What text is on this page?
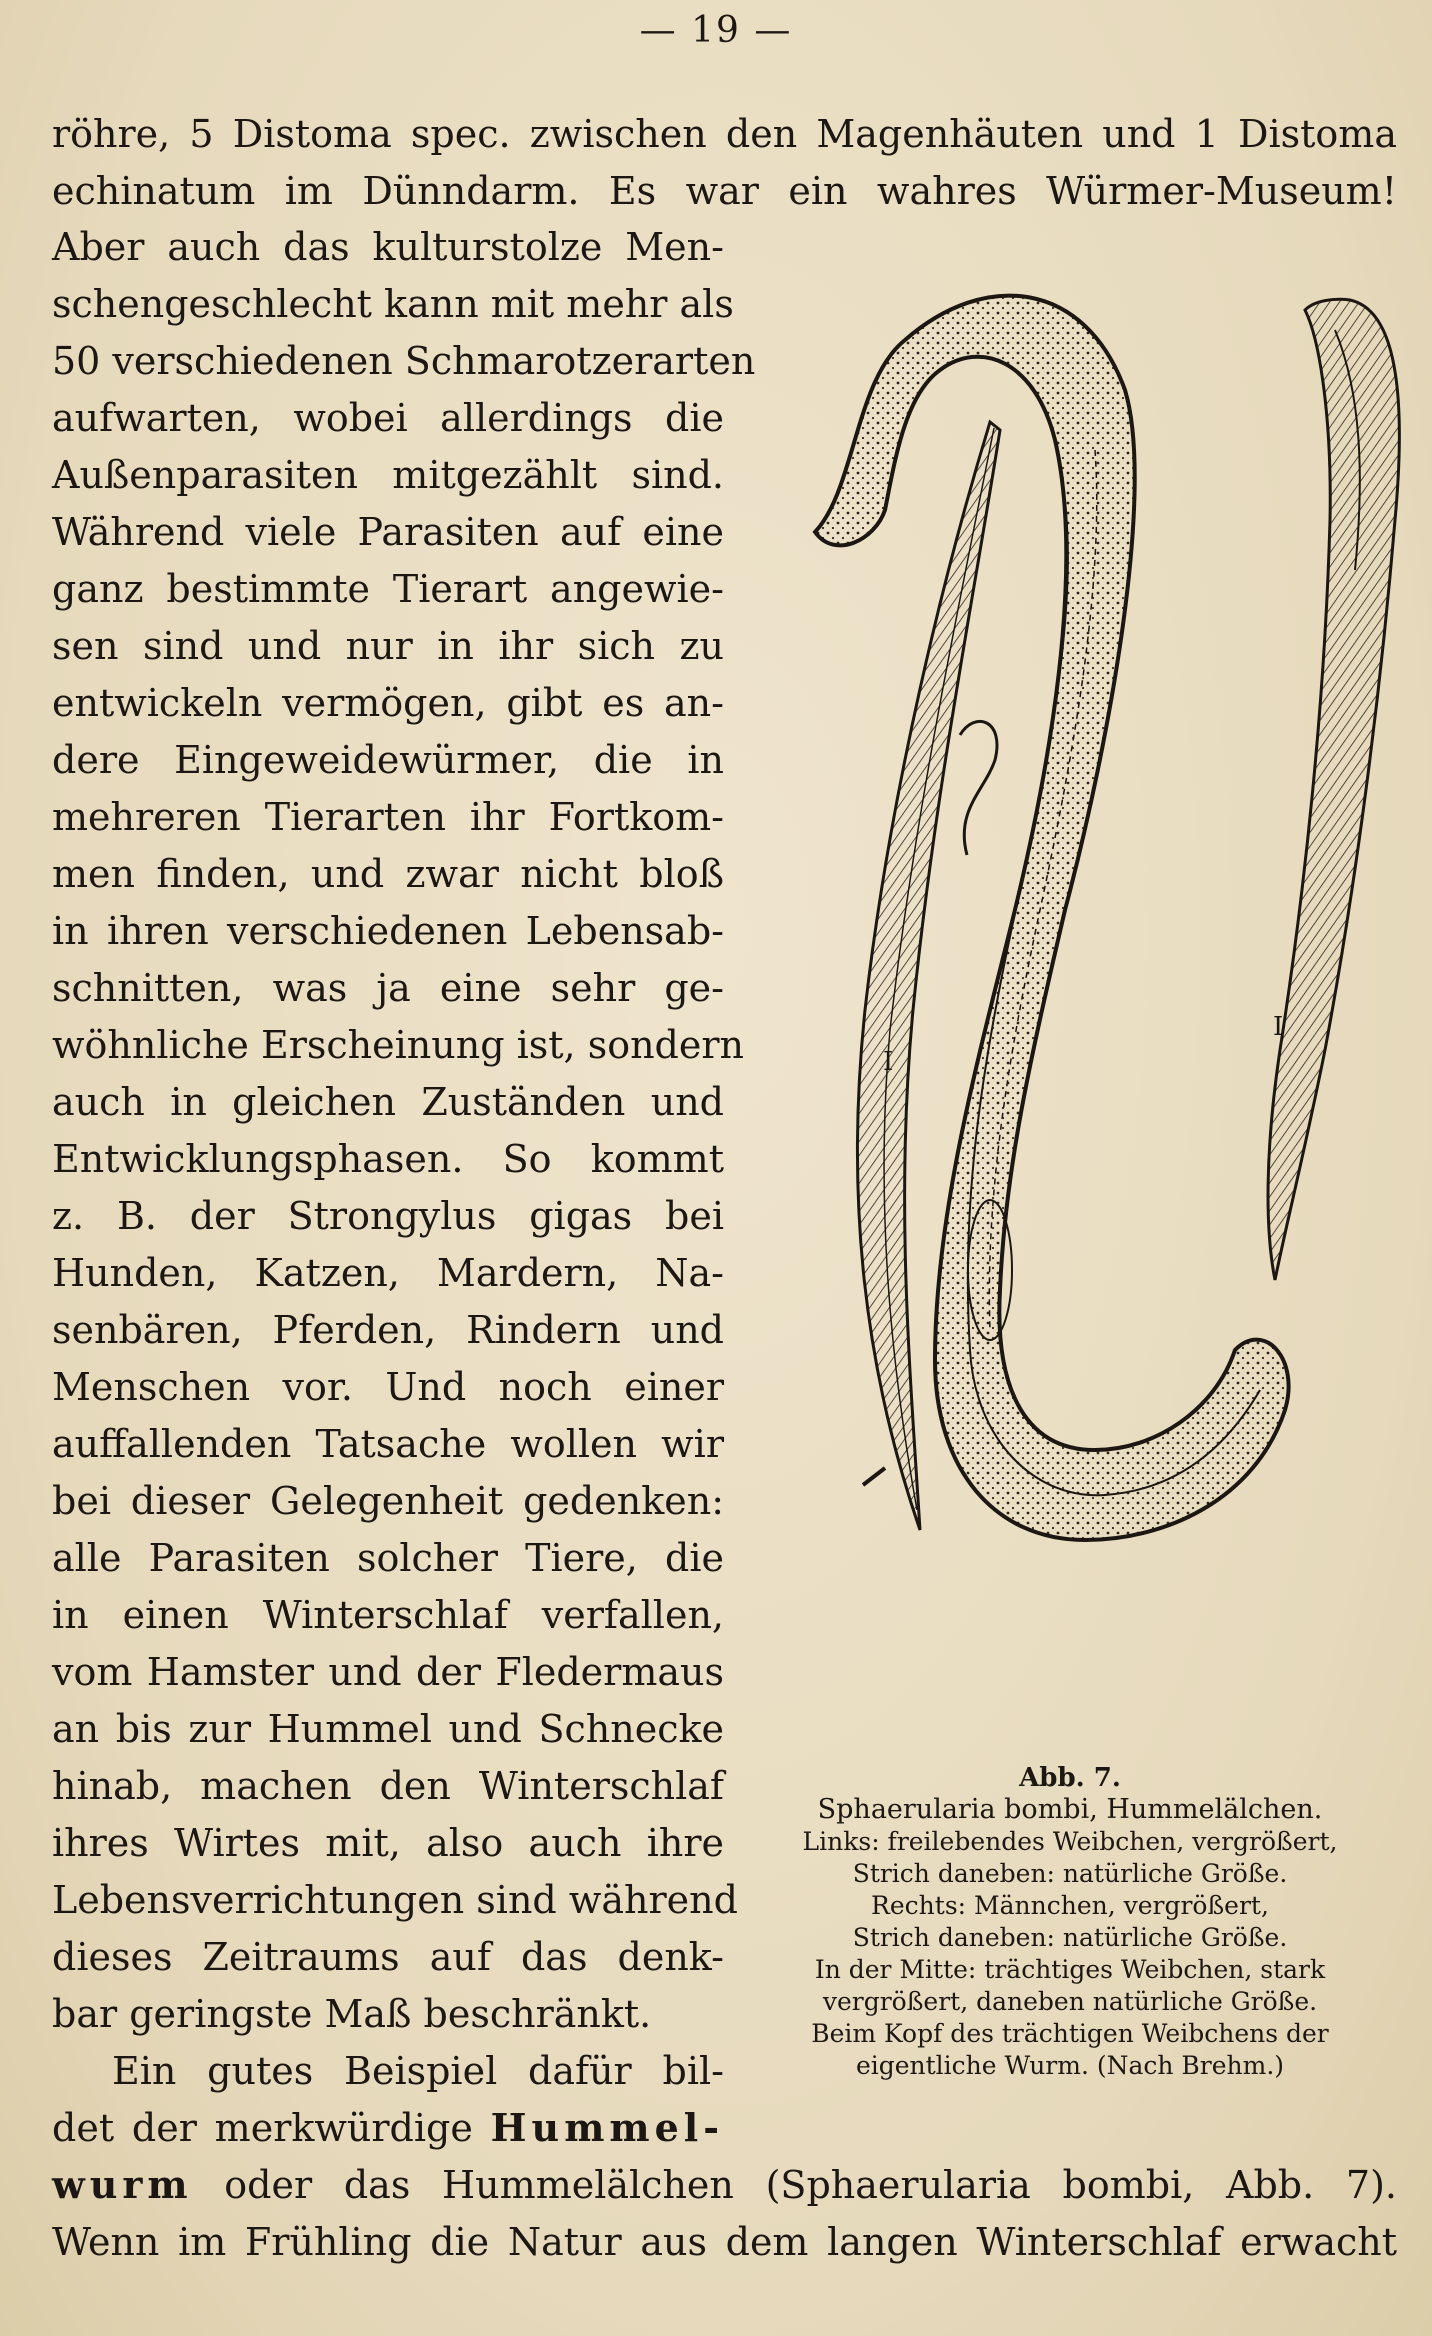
— 19 —
röhre, 5 Distoma spec. zwischen den Magenhäuten und 1 Distoma
echinatum im Dünndarm. Es war ein wahres Würmer-Museum!
Aber auch das kulturstolze Men-
schengeschlecht kann mit mehr als
50 verschiedenen Schmarotzerarten
aufwarten, wobei allerdings die
Außenparasiten mitgezählt sind.
Während viele Parasiten auf eine
ganz bestimmte Tierart angewie-
sen sind und nur in ihr sich zu
entwickeln vermögen, gibt es an-
dere Eingeweidewürmer, die in
mehreren Tierarten ihr Fortkom-
men finden, und zwar nicht bloß
in ihren verschiedenen Lebensab-
schnitten, was ja eine sehr ge-
wöhnliche Erscheinung ist, sondern
auch in gleichen Zuständen und
Entwicklungsphasen. So kommt
z. B. der Strongylus gigas bei
Hunden, Katzen, Mardern, Na-
senbären, Pferden, Rindern und
Menschen vor. Und noch einer
auffallenden Tatsache wollen wir
bei dieser Gelegenheit gedenken:
alle Parasiten solcher Tiere, die
in einen Winterschlaf verfallen,
vom Hamster und der Fledermaus
an bis zur Hummel und Schnecke
hinab, machen den Winterschlaf
ihres Wirtes mit, also auch ihre
Lebensverrichtungen sind während
dieses Zeitraums auf das denk-
bar geringste Maß beschränkt.
Ein gutes Beispiel dafür bil-
det der merkwürdige Hummel-
wurm oder das Hummelälchen (Sphaerularia bombi, Abb. 7).
Wenn im Frühling die Natur aus dem langen Winterschlaf erwacht
I
I
Abb. 7.
Sphaerularia bombi, Hummelälchen.
Links: freilebendes Weibchen, vergrößert,
Strich daneben: natürliche Größe.
Rechts: Männchen, vergrößert,
Strich daneben: natürliche Größe.
In der Mitte: trächtiges Weibchen, stark
vergrößert, daneben natürliche Größe.
Beim Kopf des trächtigen Weibchens der
eigentliche Wurm. (Nach Brehm.)
